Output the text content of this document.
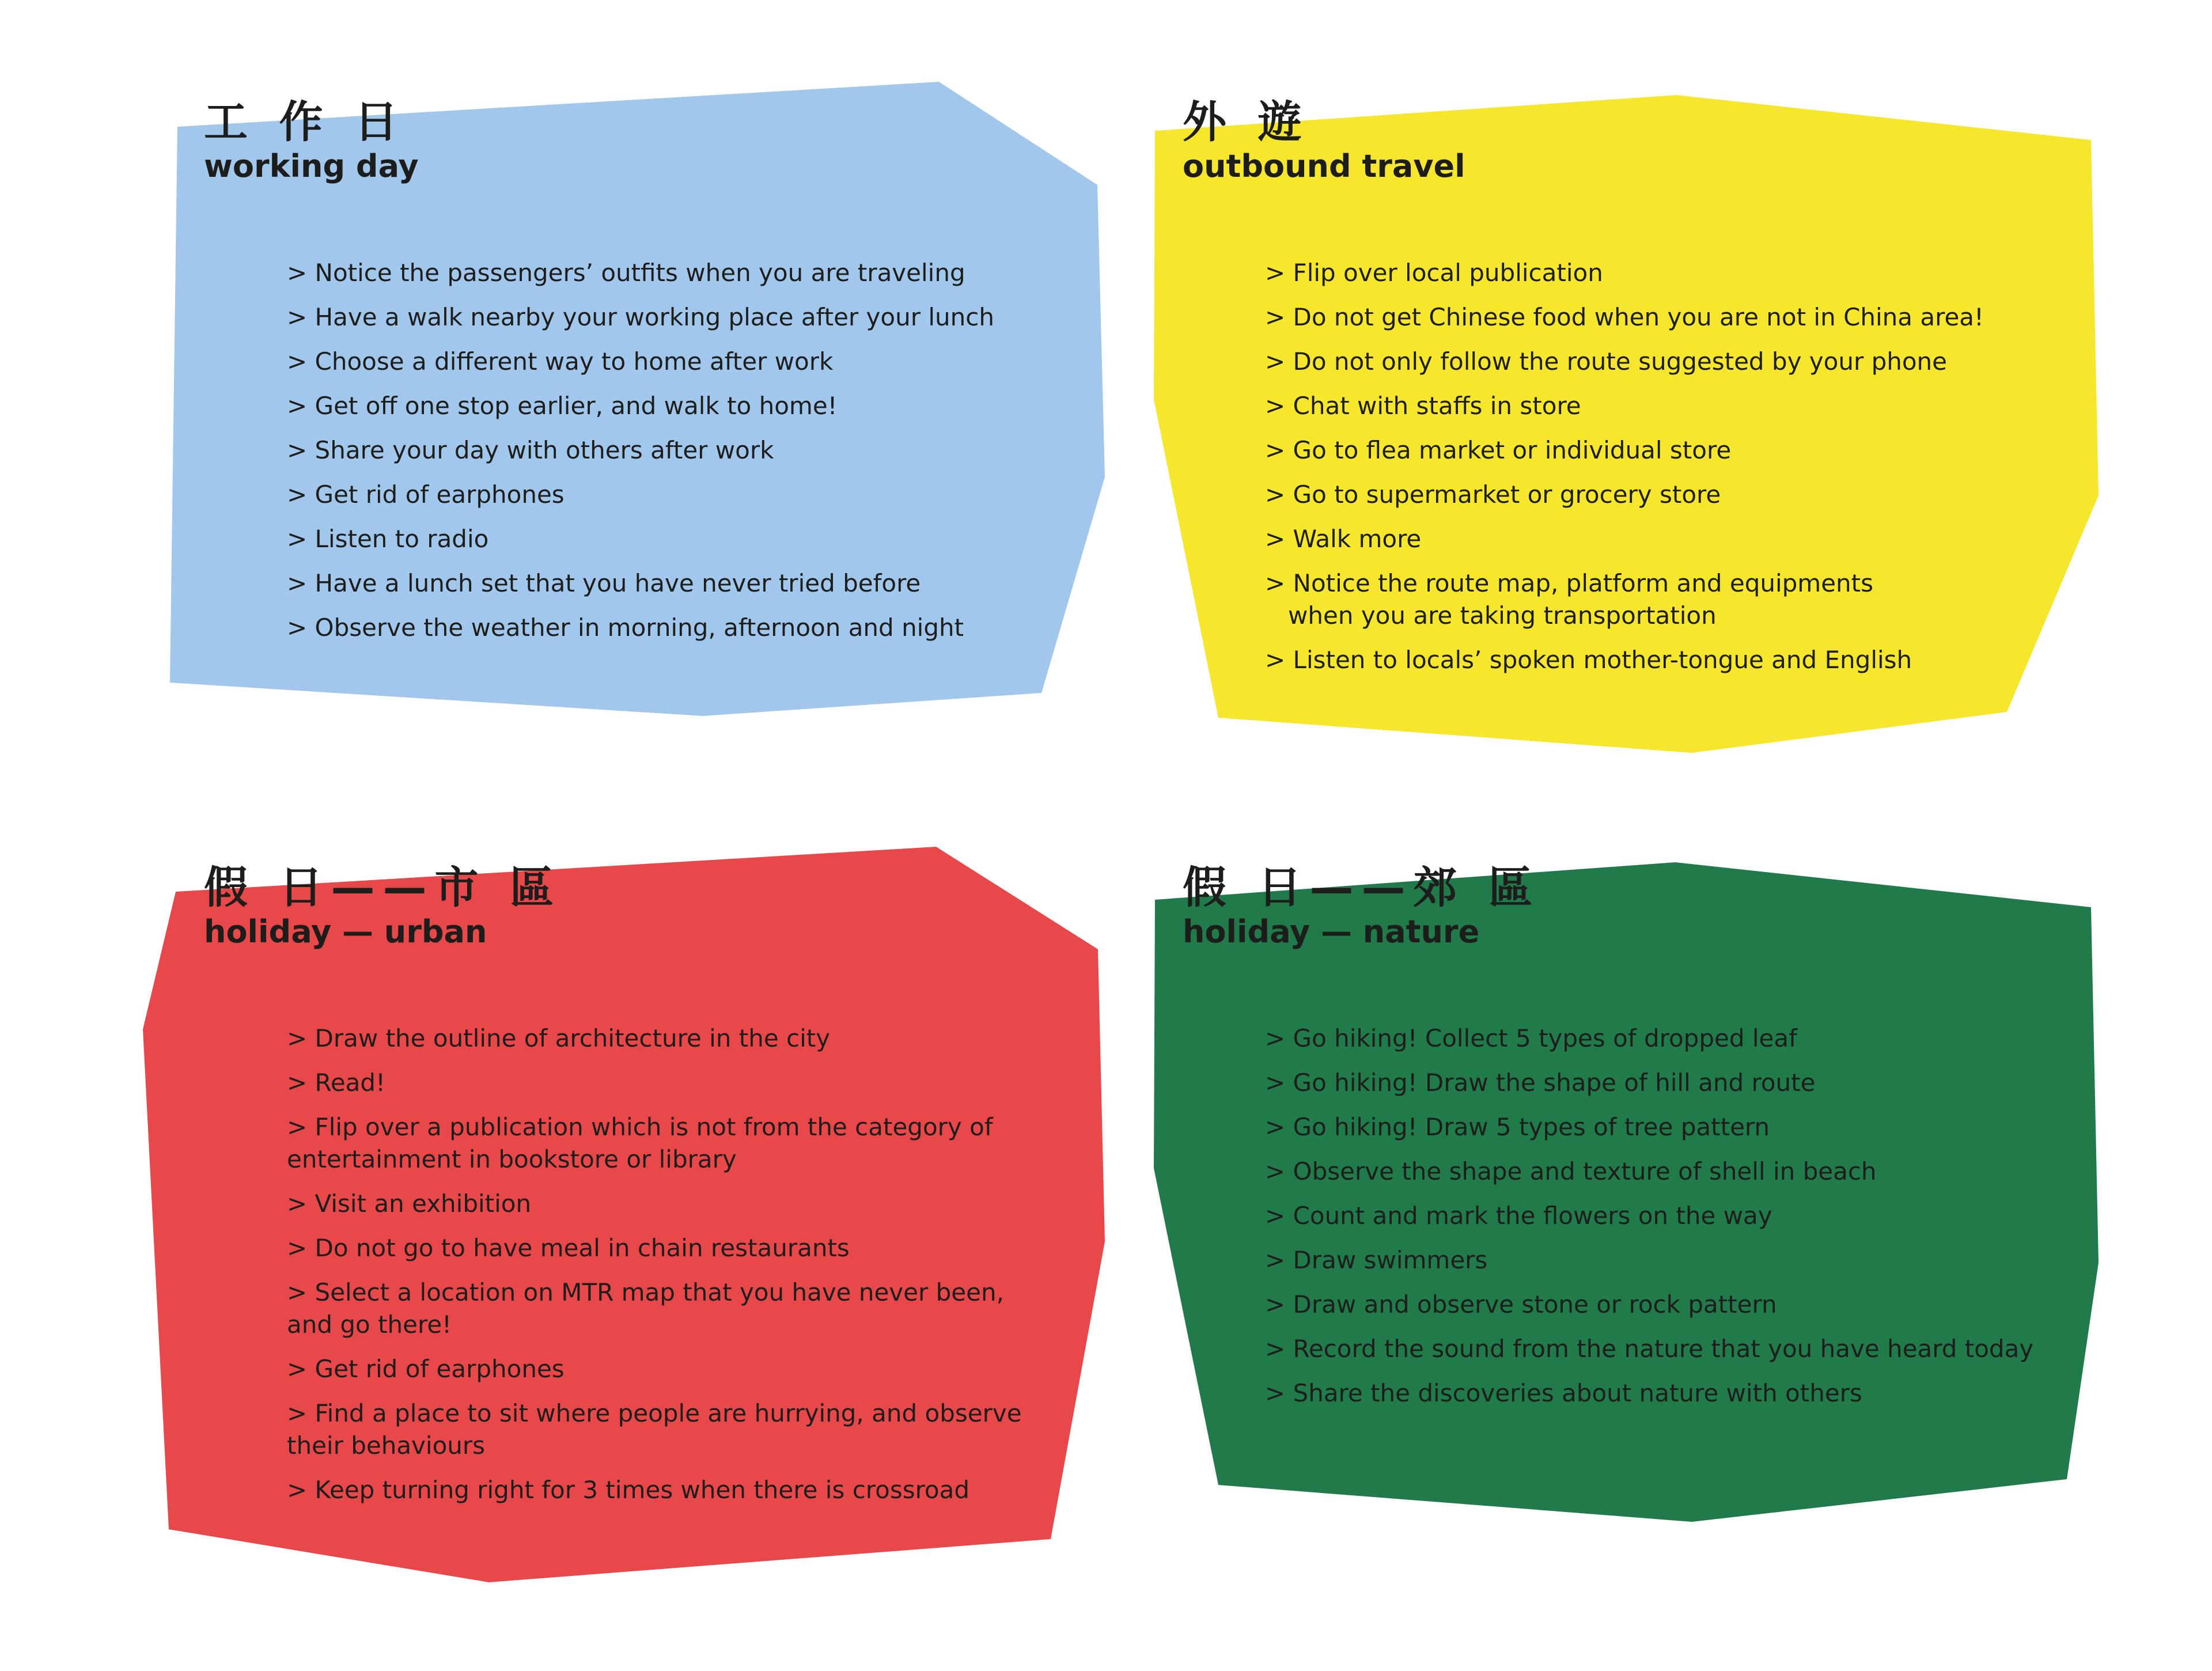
工 作 日
working day
> Notice the passengers’ outfits when you are traveling
> Have a walk nearby your working place after your lunch
> Choose a different way to home after work
> Get off one stop earlier, and walk to home!
> Share your day with others after work
> Get rid of earphones
> Listen to radio
> Have a lunch set that you have never tried before
> Observe the weather in morning, afternoon and night
外 遊
outbound travel
> Flip over local publication
> Do not get Chinese food when you are not in China area!
> Do not only follow the route suggested by your phone
> Chat with staffs in store
> Go to flea market or individual store
> Go to supermarket or grocery store
> Walk more
> Notice the route map, platform and equipments
when you are taking transportation
> Listen to locals’ spoken mother-tongue and English
假 日——市 區
holiday — urban
> Draw the outline of architecture in the city
> Read!
> Flip over a publication which is not from the category of
entertainment in bookstore or library
> Visit an exhibition
> Do not go to have meal in chain restaurants
> Select a location on MTR map that you have never been,
and go there!
> Get rid of earphones
> Find a place to sit where people are hurrying, and observe
their behaviours
> Keep turning right for 3 times when there is crossroad
假 日——郊 區
holiday — nature
> Go hiking! Collect 5 types of dropped leaf
> Go hiking! Draw the shape of hill and route
> Go hiking! Draw 5 types of tree pattern
> Observe the shape and texture of shell in beach
> Count and mark the flowers on the way
> Draw swimmers
> Draw and observe stone or rock pattern
> Record the sound from the nature that you have heard today
> Share the discoveries about nature with others
